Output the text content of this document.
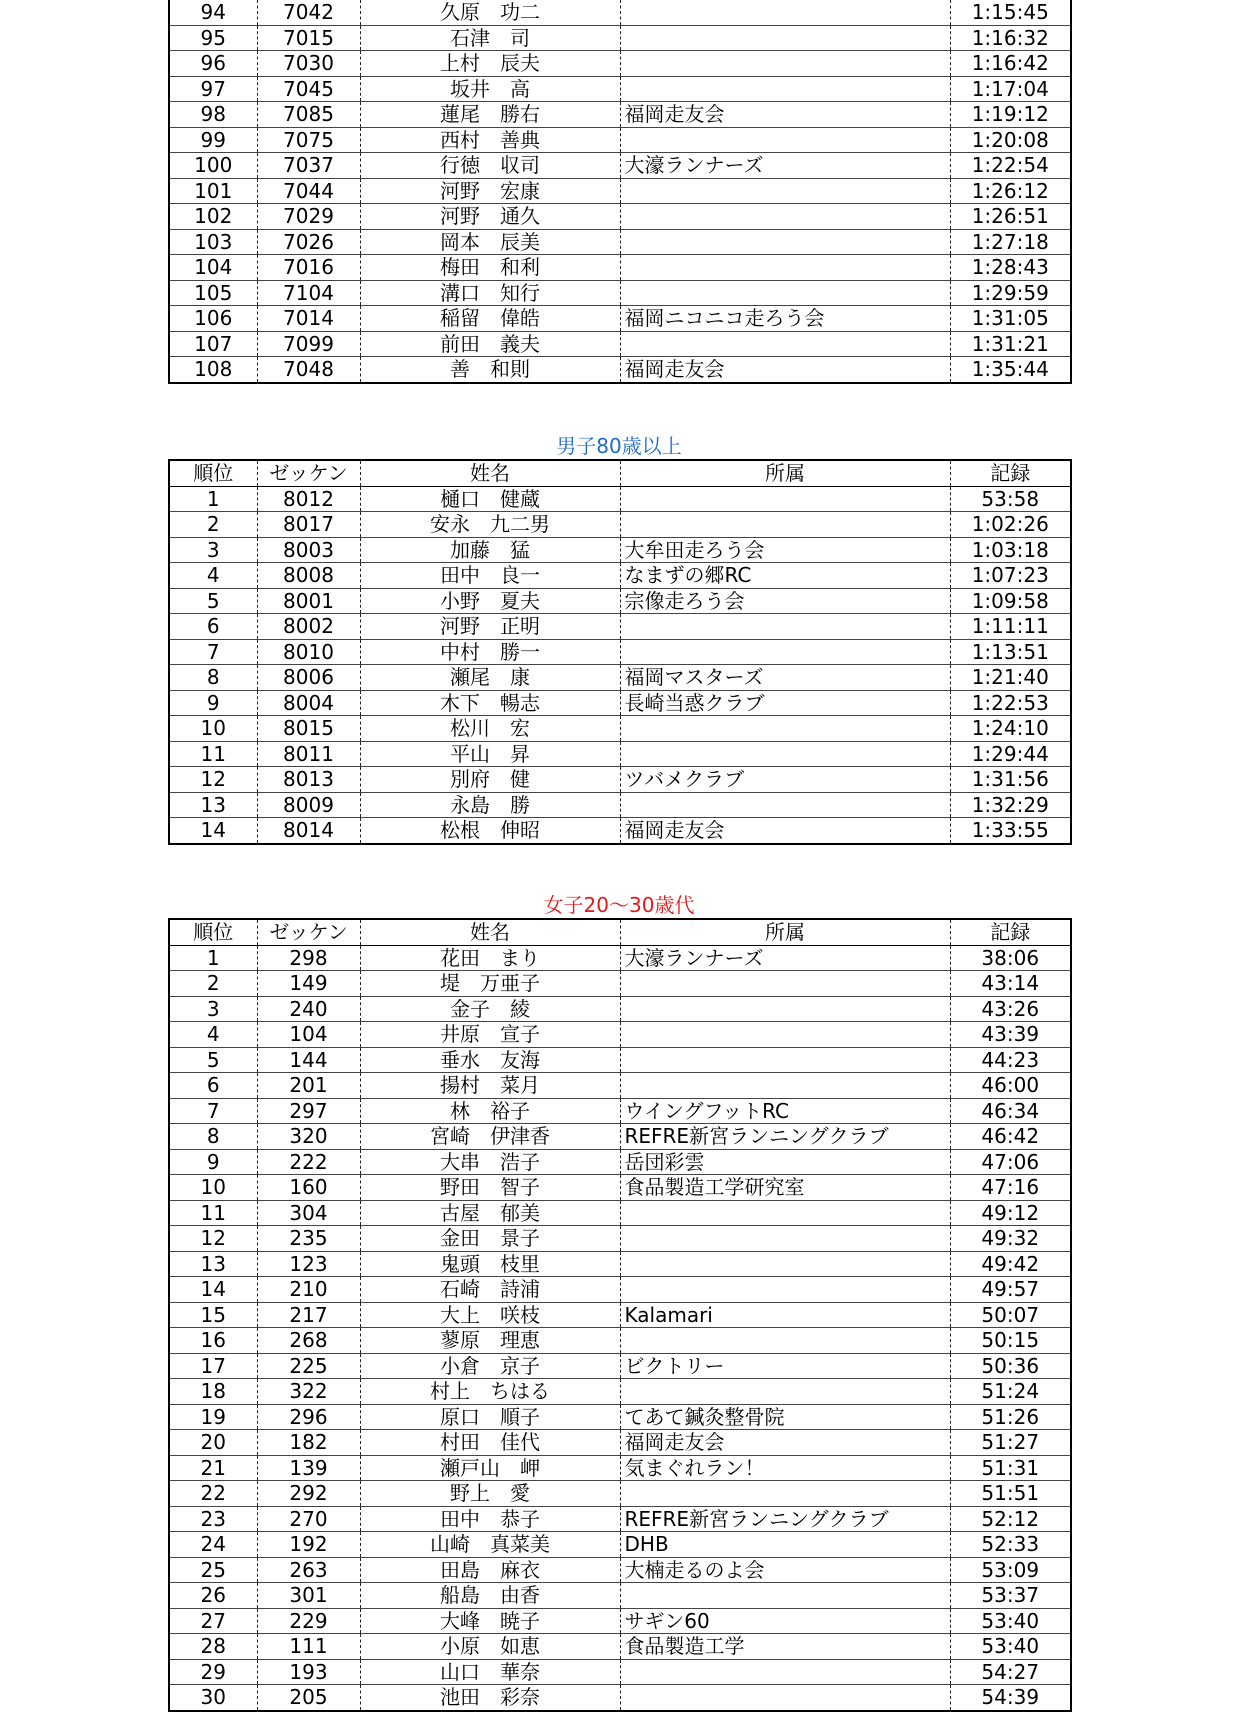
94	7042	久原　功二		1:15:45
95	7015	石津　司		1:16:32
96	7030	上村　辰夫		1:16:42
97	7045	坂井　高		1:17:04
98	7085	蓮尾　勝右	福岡走友会	1:19:12
99	7075	西村　善典		1:20:08
100	7037	行徳　収司	大濠ランナーズ	1:22:54
101	7044	河野　宏康		1:26:12
102	7029	河野　通久		1:26:51
103	7026	岡本　辰美		1:27:18
104	7016	梅田　和利		1:28:43
105	7104	溝口　知行		1:29:59
106	7014	稲留　偉皓	福岡ニコニコ走ろう会	1:31:05
107	7099	前田　義夫		1:31:21
108	7048	善　和則	福岡走友会	1:35:44
男子80歳以上
順位	ゼッケン	姓名	所属	記録
1	8012	樋口　健蔵		53:58
2	8017	安永　九二男		1:02:26
3	8003	加藤　猛	大牟田走ろう会	1:03:18
4	8008	田中　良一	なまずの郷RC	1:07:23
5	8001	小野　夏夫	宗像走ろう会	1:09:58
6	8002	河野　正明		1:11:11
7	8010	中村　勝一		1:13:51
8	8006	瀬尾　康	福岡マスターズ	1:21:40
9	8004	木下　暢志	長崎当惑クラブ	1:22:53
10	8015	松川　宏		1:24:10
11	8011	平山　昇		1:29:44
12	8013	別府　健	ツバメクラブ	1:31:56
13	8009	永島　勝		1:32:29
14	8014	松根　伸昭	福岡走友会	1:33:55
女子20～30歳代
順位	ゼッケン	姓名	所属	記録
1	298	花田　まり	大濠ランナーズ	38:06
2	149	堤　万亜子		43:14
3	240	金子　綾		43:26
4	104	井原　宣子		43:39
5	144	垂水　友海		44:23
6	201	揚村　菜月		46:00
7	297	林　裕子	ウイングフットRC	46:34
8	320	宮崎　伊津香	REFRE新宮ランニングクラブ	46:42
9	222	大串　浩子	岳団彩雲	47:06
10	160	野田　智子	食品製造工学研究室	47:16
11	304	古屋　郁美		49:12
12	235	金田　景子		49:32
13	123	鬼頭　枝里		49:42
14	210	石崎　詩浦		49:57
15	217	大上　咲枝	Kalamari	50:07
16	268	蓼原　理恵		50:15
17	225	小倉　京子	ビクトリー	50:36
18	322	村上　ちはる		51:24
19	296	原口　順子	てあて鍼灸整骨院	51:26
20	182	村田　佳代	福岡走友会	51:27
21	139	瀬戸山　岬	気まぐれラン！	51:31
22	292	野上　愛		51:51
23	270	田中　恭子	REFRE新宮ランニングクラブ	52:12
24	192	山崎　真菜美	DHB	52:33
25	263	田島　麻衣	大楠走るのよ会	53:09
26	301	船島　由香		53:37
27	229	大峰　暁子	サギン60	53:40
28	111	小原　如恵	食品製造工学	53:40
29	193	山口　華奈		54:27
30	205	池田　彩奈		54:39
